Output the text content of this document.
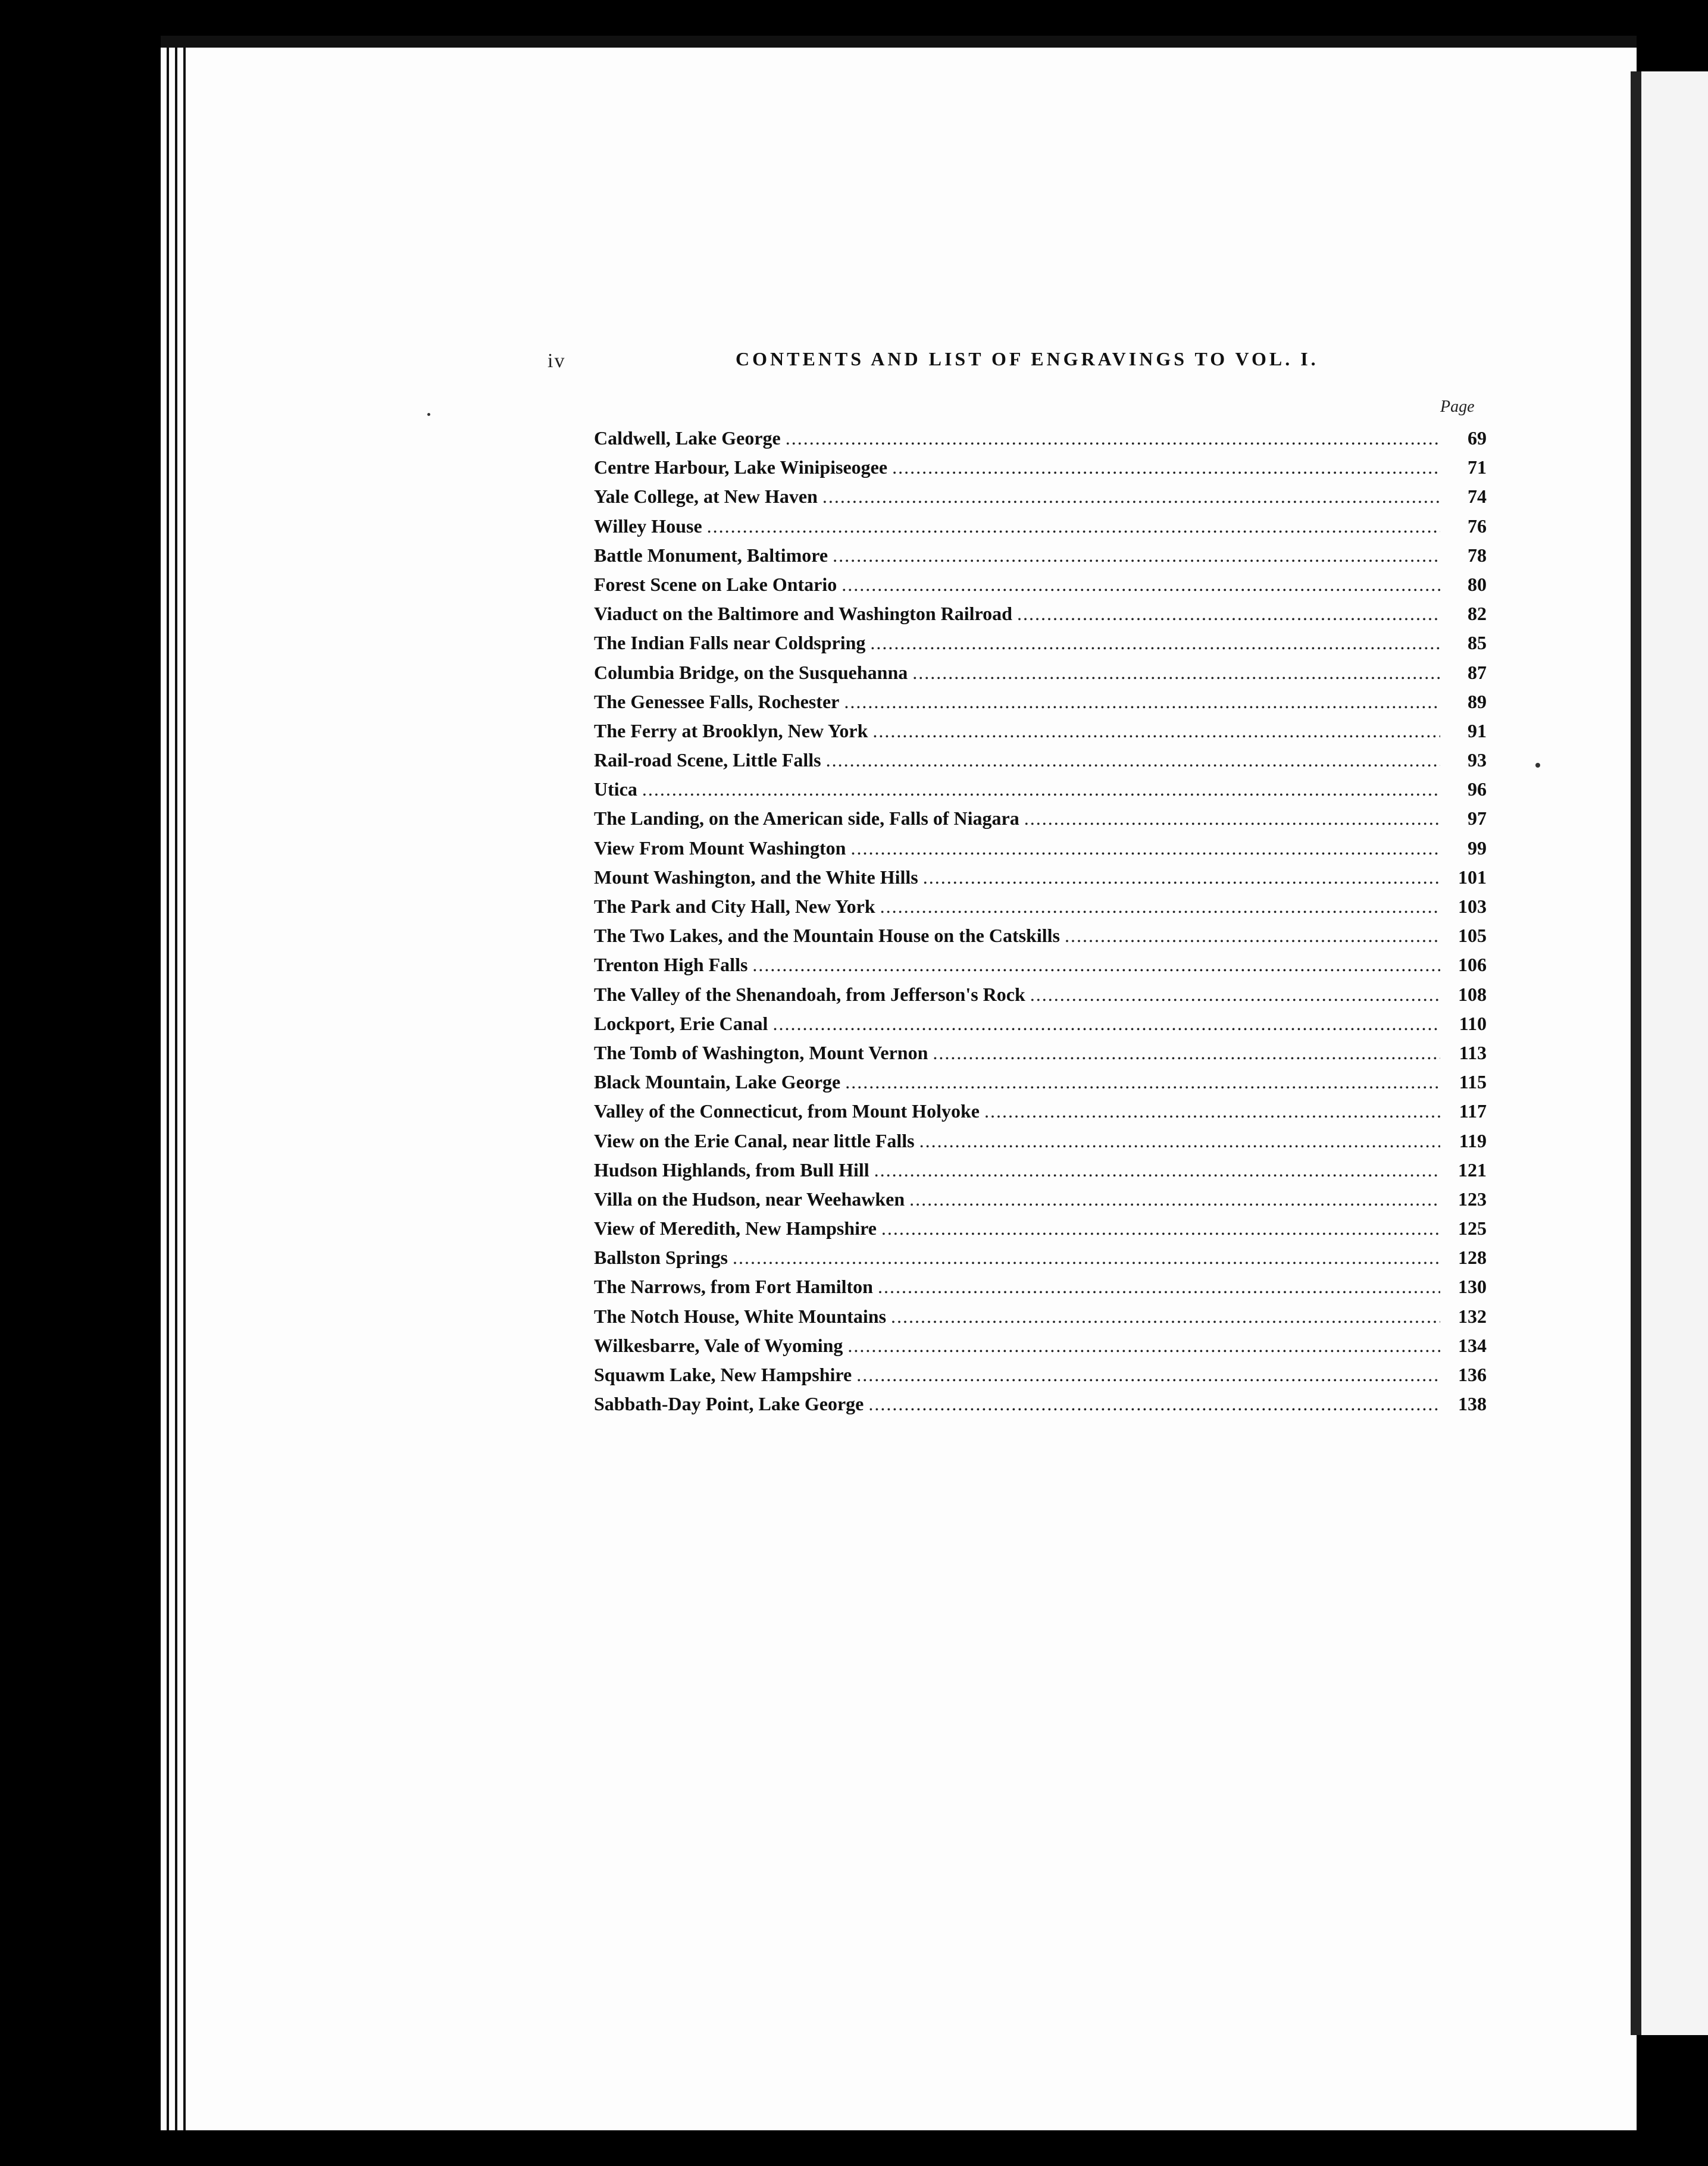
iv	CONTENTS AND LIST OF ENGRAVINGS TO VOL. I.
Page
Caldwell, Lake George .....	69
Centre Harbour, Lake Winipiseogee .....	71
Yale College, at New Haven .....	74
Willey House .....	76
Battle Monument, Baltimore .....	78
Forest Scene on Lake Ontario .....	80
Viaduct on the Baltimore and Washington Railroad .....	82
The Indian Falls near Coldspring .....	85
Columbia Bridge, on the Susquehanna .....	87
The Genessee Falls, Rochester .....	89
The Ferry at Brooklyn, New York .....	91
Rail-road Scene, Little Falls .....	93
Utica .....	96
The Landing, on the American side, Falls of Niagara .....	97
View From Mount Washington .....	99
Mount Washington, and the White Hills .....	101
The Park and City Hall, New York .....	103
The Two Lakes, and the Mountain House on the Catskills .....	105
Trenton High Falls .....	106
The Valley of the Shenandoah, from Jefferson's Rock .....	108
Lockport, Erie Canal .....	110
The Tomb of Washington, Mount Vernon .....	113
Black Mountain, Lake George .....	115
Valley of the Connecticut, from Mount Holyoke .....	117
View on the Erie Canal, near little Falls .....	119
Hudson Highlands, from Bull Hill .....	121
Villa on the Hudson, near Weehawken .....	123
View of Meredith, New Hampshire .....	125
Ballston Springs .....	128
The Narrows, from Fort Hamilton .....	130
The Notch House, White Mountains .....	132
Wilkesbarre, Vale of Wyoming .....	134
Squawm Lake, New Hampshire .....	136
Sabbath-Day Point, Lake George .....	138
